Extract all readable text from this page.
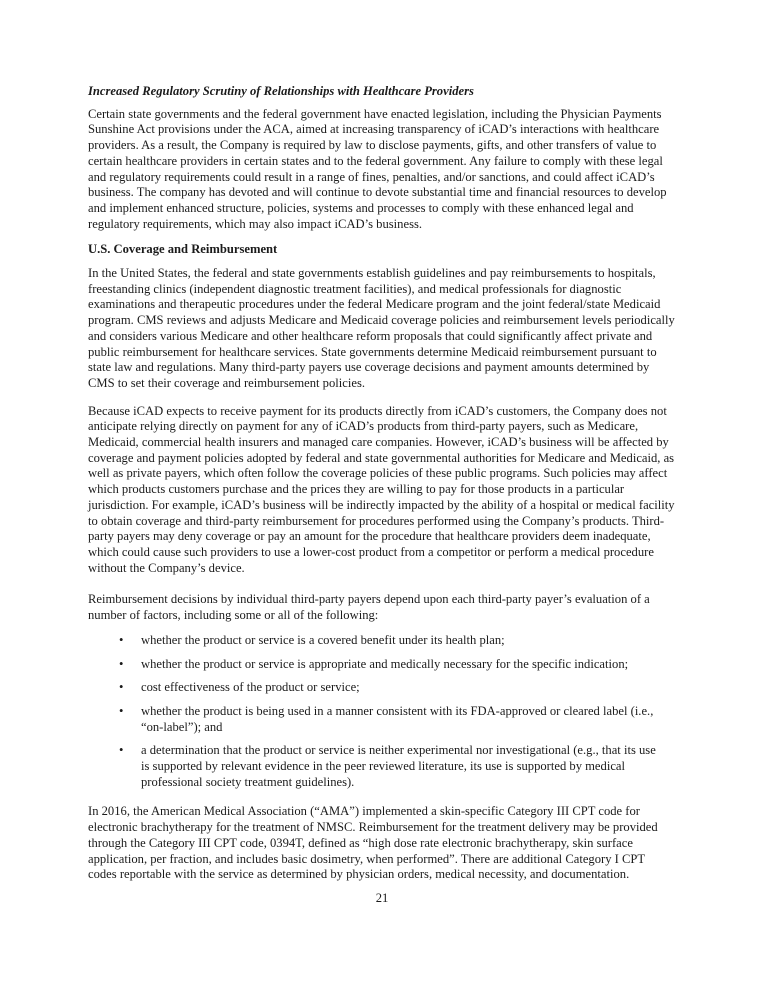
Increased Regulatory Scrutiny of Relationships with Healthcare Providers

Certain state governments and the federal government have enacted legislation, including the Physician Payments Sunshine Act provisions under the ACA, aimed at increasing transparency of iCAD’s interactions with healthcare providers. As a result, the Company is required by law to disclose payments, gifts, and other transfers of value to certain healthcare providers in certain states and to the federal government. Any failure to comply with these legal and regulatory requirements could result in a range of fines, penalties, and/or sanctions, and could affect iCAD’s business. The company has devoted and will continue to devote substantial time and financial resources to develop and implement enhanced structure, policies, systems and processes to comply with these enhanced legal and regulatory requirements, which may also impact iCAD’s business.

U.S. Coverage and Reimbursement

In the United States, the federal and state governments establish guidelines and pay reimbursements to hospitals, freestanding clinics (independent diagnostic treatment facilities), and medical professionals for diagnostic examinations and therapeutic procedures under the federal Medicare program and the joint federal/state Medicaid program. CMS reviews and adjusts Medicare and Medicaid coverage policies and reimbursement levels periodically and considers various Medicare and other healthcare reform proposals that could significantly affect private and public reimbursement for healthcare services. State governments determine Medicaid reimbursement pursuant to state law and regulations. Many third-party payers use coverage decisions and payment amounts determined by CMS to set their coverage and reimbursement policies.

Because iCAD expects to receive payment for its products directly from iCAD’s customers, the Company does not anticipate relying directly on payment for any of iCAD’s products from third-party payers, such as Medicare, Medicaid, commercial health insurers and managed care companies. However, iCAD’s business will be affected by coverage and payment policies adopted by federal and state governmental authorities for Medicare and Medicaid, as well as private payers, which often follow the coverage policies of these public programs. Such policies may affect which products customers purchase and the prices they are willing to pay for those products in a particular jurisdiction. For example, iCAD’s business will be indirectly impacted by the ability of a hospital or medical facility to obtain coverage and third-party reimbursement for procedures performed using the Company’s products. Third-party payers may deny coverage or pay an amount for the procedure that healthcare providers deem inadequate, which could cause such providers to use a lower-cost product from a competitor or perform a medical procedure without the Company’s device.

Reimbursement decisions by individual third-party payers depend upon each third-party payer’s evaluation of a number of factors, including some or all of the following:

• whether the product or service is a covered benefit under its health plan;
• whether the product or service is appropriate and medically necessary for the specific indication;
• cost effectiveness of the product or service;
• whether the product is being used in a manner consistent with its FDA-approved or cleared label (i.e., “on-label”); and
• a determination that the product or service is neither experimental nor investigational (e.g., that its use is supported by relevant evidence in the peer reviewed literature, its use is supported by medical professional society treatment guidelines).

In 2016, the American Medical Association (“AMA”) implemented a skin-specific Category III CPT code for electronic brachytherapy for the treatment of NMSC. Reimbursement for the treatment delivery may be provided through the Category III CPT code, 0394T, defined as “high dose rate electronic brachytherapy, skin surface application, per fraction, and includes basic dosimetry, when performed”. There are additional Category I CPT codes reportable with the service as determined by physician orders, medical necessity, and documentation.

21
